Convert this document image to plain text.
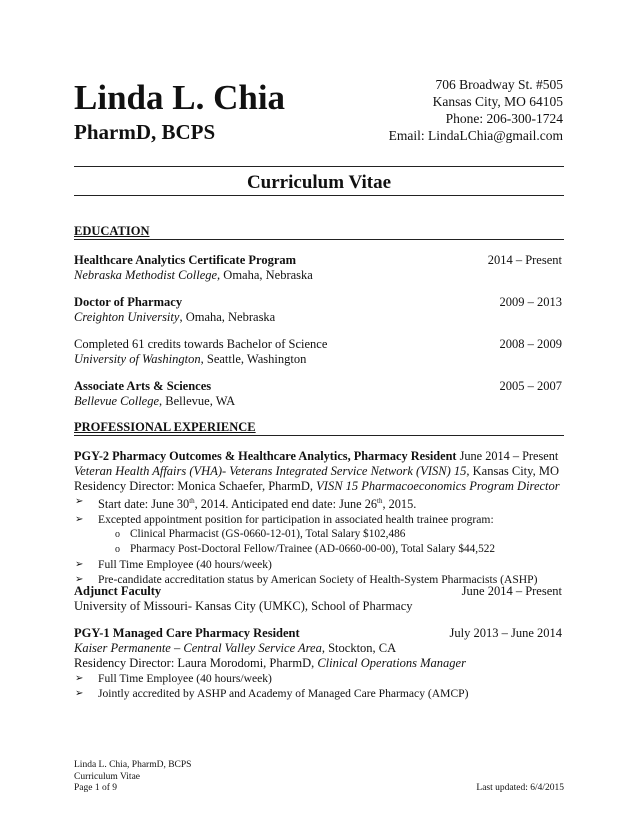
Linda L. Chia
PharmD, BCPS
706 Broadway St. #505
Kansas City, MO 64105
Phone: 206-300-1724
Email: LindaLChia@gmail.com
Curriculum Vitae
EDUCATION
Healthcare Analytics Certificate Program	2014 – Present
Nebraska Methodist College, Omaha, Nebraska
Doctor of Pharmacy	2009 – 2013
Creighton University, Omaha, Nebraska
Completed 61 credits towards Bachelor of Science	2008 – 2009
University of Washington, Seattle, Washington
Associate Arts & Sciences	2005 – 2007
Bellevue College, Bellevue, WA
PROFESSIONAL EXPERIENCE
PGY-2 Pharmacy Outcomes & Healthcare Analytics, Pharmacy Resident June 2014 – Present
Veteran Health Affairs (VHA)- Veterans Integrated Service Network (VISN) 15, Kansas City, MO
Residency Director: Monica Schaefer, PharmD, VISN 15 Pharmacoeconomics Program Director
➢ Start date: June 30th, 2014. Anticipated end date: June 26th, 2015.
➢ Excepted appointment position for participation in associated health trainee program:
o Clinical Pharmacist (GS-0660-12-01), Total Salary $102,486
o Pharmacy Post-Doctoral Fellow/Trainee (AD-0660-00-00), Total Salary $44,522
➢ Full Time Employee (40 hours/week)
➢ Pre-candidate accreditation status by American Society of Health-System Pharmacists (ASHP)
Adjunct Faculty	June 2014 – Present
University of Missouri- Kansas City (UMKC), School of Pharmacy
PGY-1 Managed Care Pharmacy Resident	July 2013 – June 2014
Kaiser Permanente – Central Valley Service Area, Stockton, CA
Residency Director: Laura Morodomi, PharmD, Clinical Operations Manager
➢ Full Time Employee (40 hours/week)
➢ Jointly accredited by ASHP and Academy of Managed Care Pharmacy (AMCP)
Linda L. Chia, PharmD, BCPS
Curriculum Vitae
Page 1 of 9	Last updated: 6/4/2015
